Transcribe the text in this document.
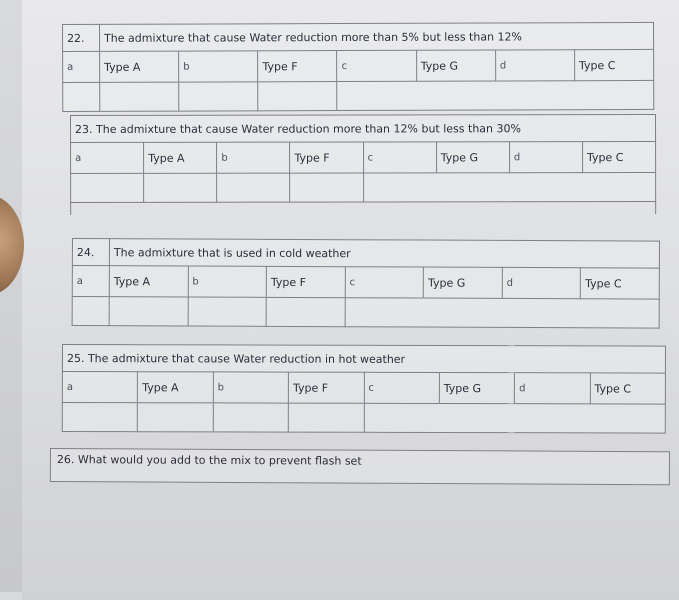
22.	The admixture that cause Water reduction more than 5% but less than 12%						
a	Type A	b	Type F	c	Type G	d	Type C

23. The admixture that cause Water reduction more than 12% but less than 30%							
a	Type A	b	Type F	c	Type G	d	Type C

24.	The admixture that is used in cold weather						
a	Type A	b	Type F	c	Type G	d	Type C

25. The admixture that cause Water reduction in hot weather							
a	Type A	b	Type F	c	Type G	d	Type C

26. What would you add to the mix to prevent flash set
